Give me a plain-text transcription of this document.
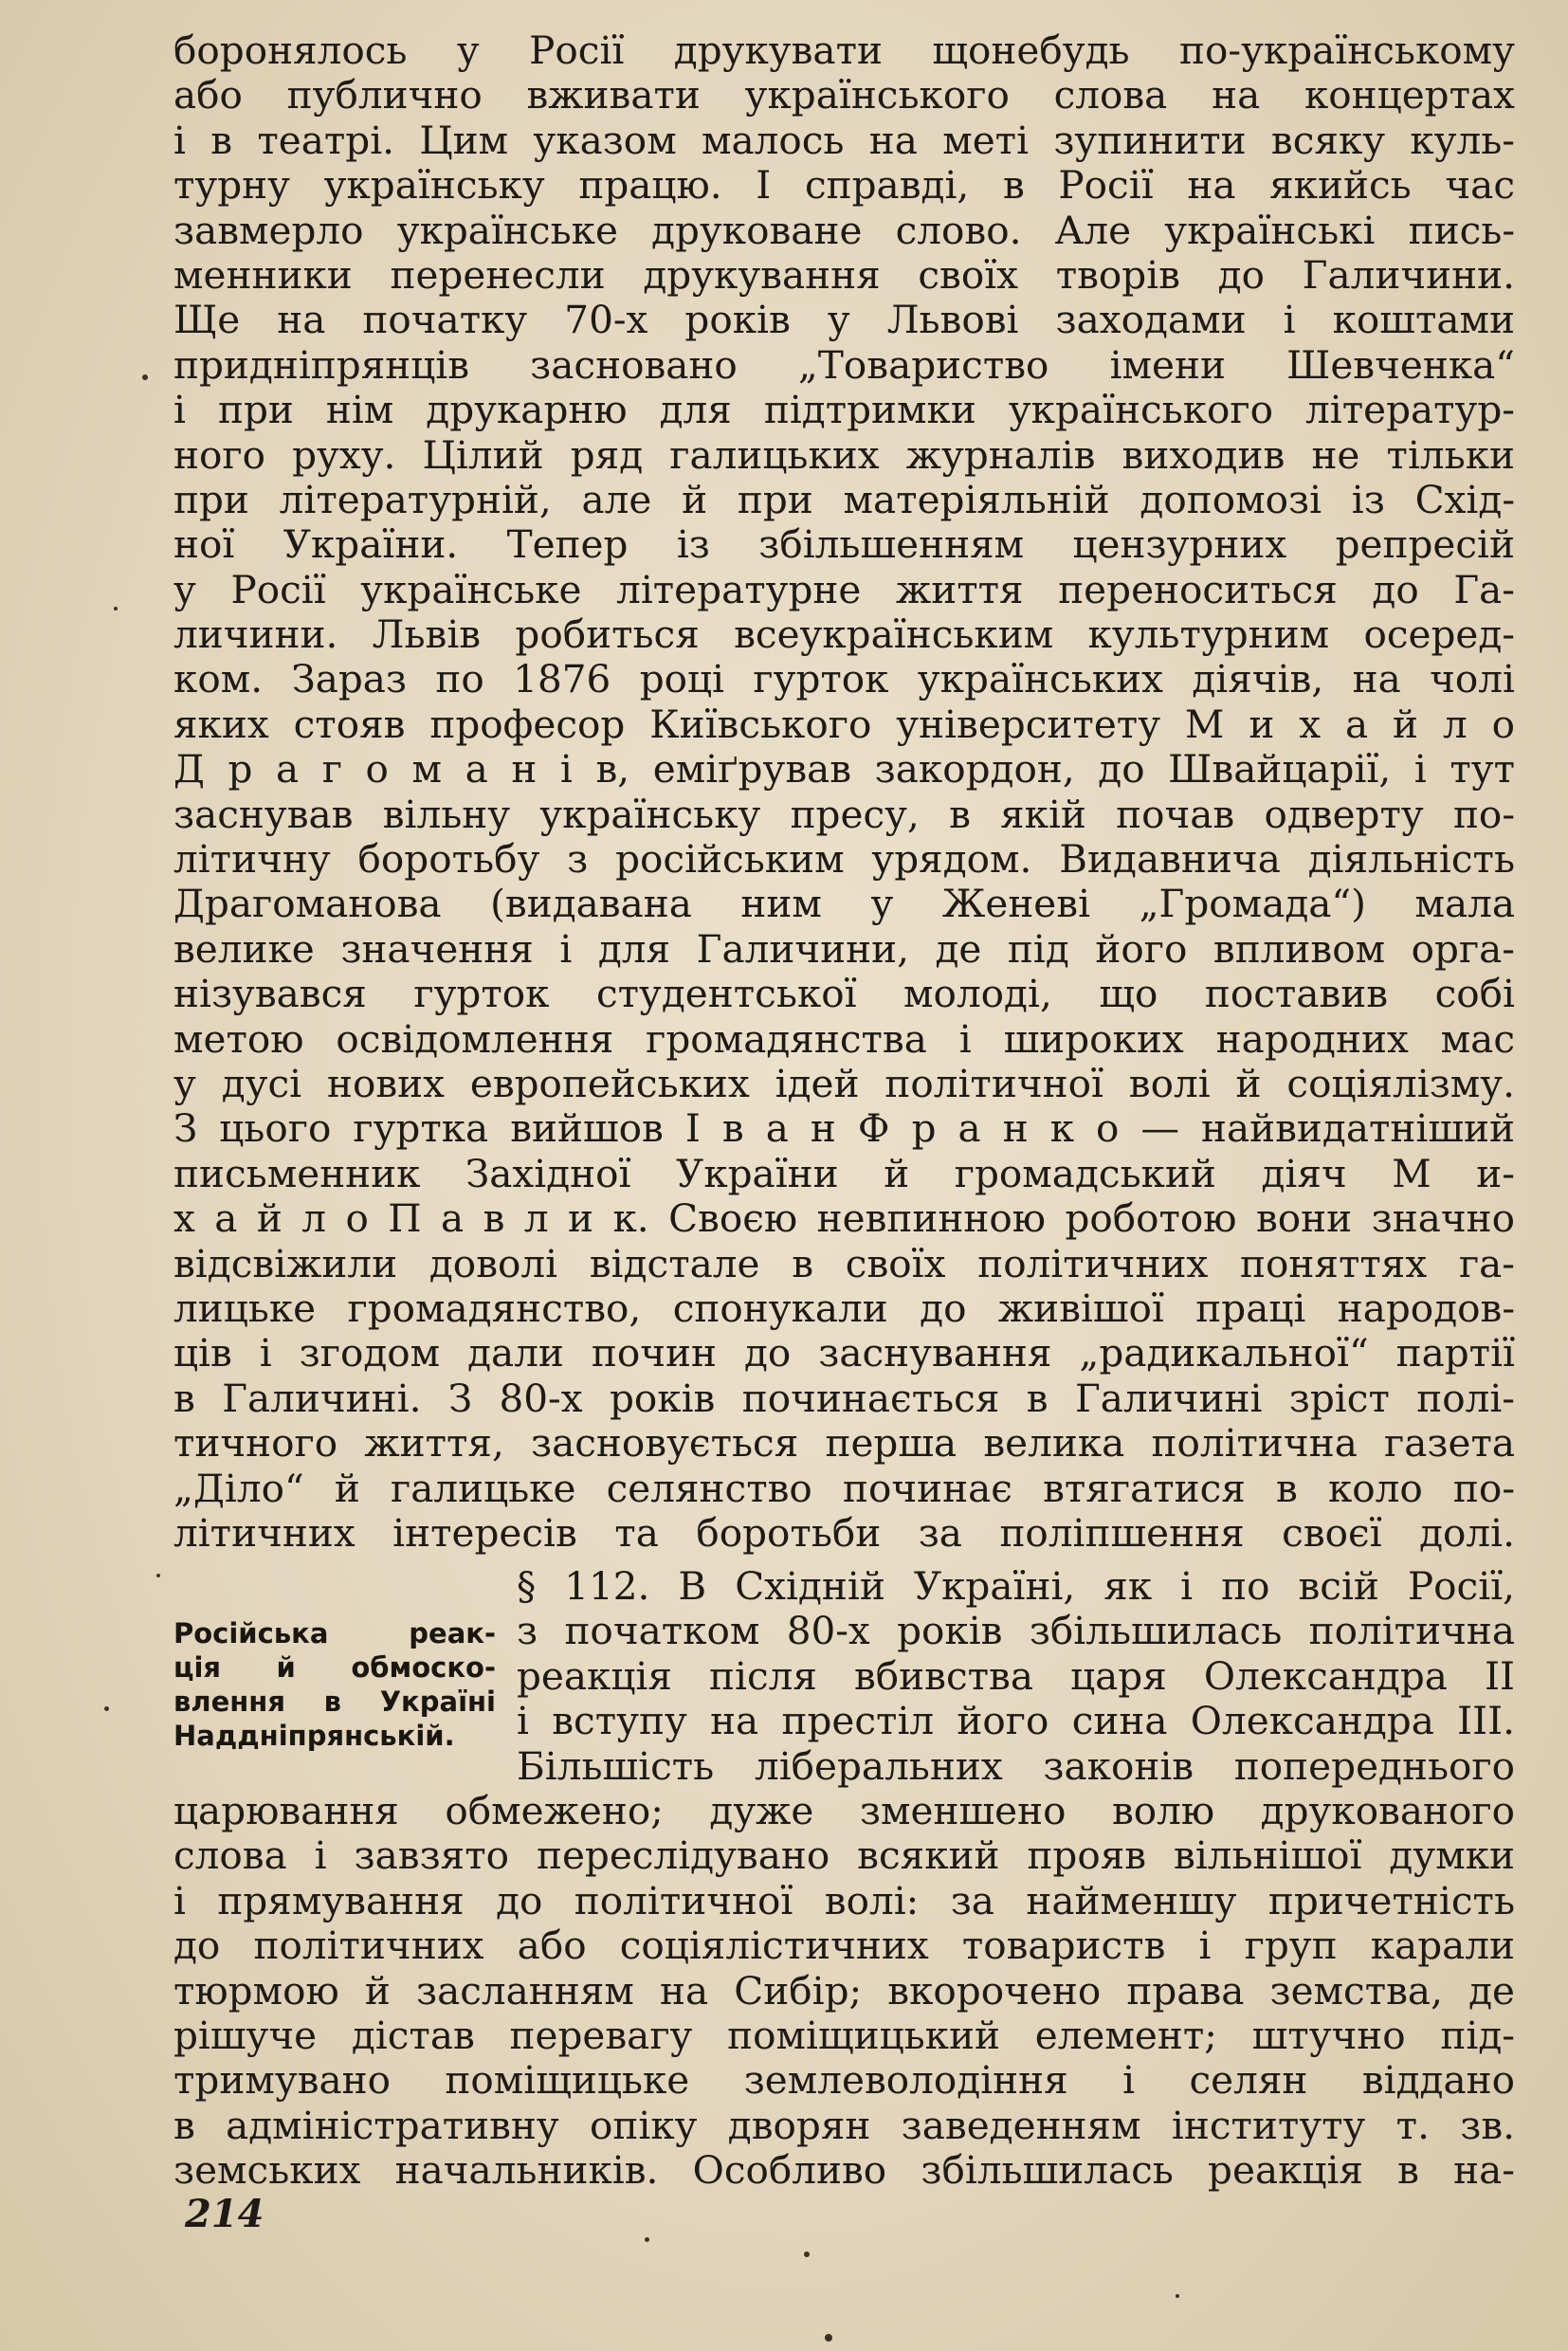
боронялось у Росії друкувати щонебудь по-українському
або публично вживати українського слова на концертах
і в театрі. Цим указом малось на меті зупинити всяку куль-
турну українську працю. І справді, в Росії на якийсь час
завмерло українське друковане слово. Але українські пись-
менники перенесли друкування своїх творів до Галичини.
Ще на початку 70-х років у Львові заходами і коштами
придніпрянців засновано „Товариство імени Шевченка“
і при нім друкарню для підтримки українського літератур-
ного руху. Цілий ряд галицьких журналів виходив не тільки
при літературній, але й при матеріяльній допомозі із Схід-
ної України. Тепер із збільшенням цензурних репресій
у Росії українське літературне життя переноситься до Га-
личини. Львів робиться всеукраїнським культурним осеред-
ком. Зараз по 1876 році гурток українських діячів, на чолі
яких стояв професор Київського університету М и х а й л о
Д р а г о м а н і в, еміґрував закордон, до Швайцарії, і тут
заснував вільну українську пресу, в якій почав одверту по-
літичну боротьбу з російським урядом. Видавнича діяльність
Драгоманова (видавана ним у Женеві „Громада“) мала
велике значення і для Галичини, де під його впливом орга-
нізувався гурток студентської молоді, що поставив собі
метою освідомлення громадянства і широких народних мас
у дусі нових европейських ідей політичної волі й соціялізму.
З цього гуртка вийшов І в а н Ф р а н к о — найвидатніший
письменник Західної України й громадський діяч М и-
х а й л о П а в л и к. Своєю невпинною роботою вони значно
відсвіжили доволі відстале в своїх політичних поняттях га-
лицьке громадянство, спонукали до живішої праці народов-
ців і згодом дали почин до заснування „радикальної“ партії
в Галичині. З 80-х років починається в Галичині зріст полі-
тичного життя, засновується перша велика політична газета
„Діло“ й галицьке селянство починає втягатися в коло по-
літичних інтересів та боротьби за поліпшення своєї долі.
§ 112. В Східній Україні, як і по всій Росії,
з початком 80-х років збільшилась політична
реакція після вбивства царя Олександра II
і вступу на престіл його сина Олександра III.
Більшість ліберальних законів попереднього
Російська реак-
ція й обмоско-
влення в Україні
Наддніпрянській.
царювання обмежено; дуже зменшено волю друкованого
слова і завзято переслідувано всякий прояв вільнішої думки
і прямування до політичної волі: за найменшу причетність
до політичних або соціялістичних товариств і груп карали
тюрмою й засланням на Сибір; вкорочено права земства, де
рішуче дістав перевагу поміщицький елемент; штучно під-
тримувано поміщицьке землеволодіння і селян віддано
в адміністративну опіку дворян заведенням інституту т. зв.
земських начальників. Особливо збільшилась реакція в на-
214
